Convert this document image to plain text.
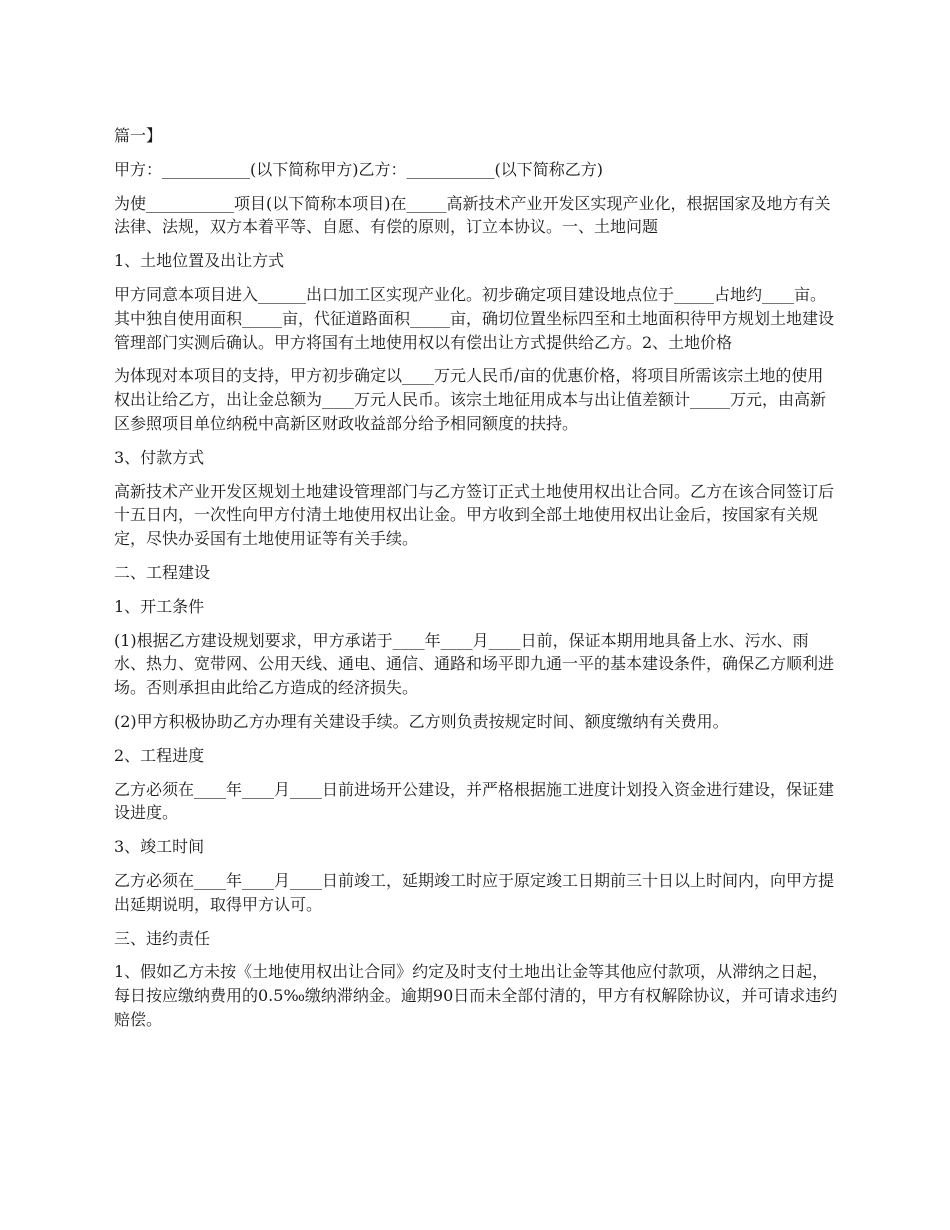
篇一】

甲方：___________(以下简称甲方)乙方：___________(以下简称乙方)

为使___________项目(以下简称本项目)在_____高新技术产业开发区实现产业化，根据国家及地方有关法律、法规，双方本着平等、自愿、有偿的原则，订立本协议。一、土地问题

1、土地位置及出让方式

甲方同意本项目进入______出口加工区实现产业化。初步确定项目建设地点位于_____占地约____亩。其中独自使用面积_____亩，代征道路面积_____亩，确切位置坐标四至和土地面积待甲方规划土地建设管理部门实测后确认。甲方将国有土地使用权以有偿出让方式提供给乙方。2、土地价格

为体现对本项目的支持，甲方初步确定以____万元人民币/亩的优惠价格，将项目所需该宗土地的使用权出让给乙方，出让金总额为____万元人民币。该宗土地征用成本与出让值差额计_____万元，由高新区参照项目单位纳税中高新区财政收益部分给予相同额度的扶持。

3、付款方式

高新技术产业开发区规划土地建设管理部门与乙方签订正式土地使用权出让合同。乙方在该合同签订后十五日内，一次性向甲方付清土地使用权出让金。甲方收到全部土地使用权出让金后，按国家有关规定，尽快办妥国有土地使用证等有关手续。

二、工程建设

1、开工条件

(1)根据乙方建设规划要求，甲方承诺于____年____月____日前，保证本期用地具备上水、污水、雨水、热力、宽带网、公用天线、通电、通信、通路和场平即九通一平的基本建设条件，确保乙方顺利进场。否则承担由此给乙方造成的经济损失。

(2)甲方积极协助乙方办理有关建设手续。乙方则负责按规定时间、额度缴纳有关费用。

2、工程进度

乙方必须在____年____月____日前进场开公建设，并严格根据施工进度计划投入资金进行建设，保证建设进度。

3、竣工时间

乙方必须在____年____月____日前竣工，延期竣工时应于原定竣工日期前三十日以上时间内，向甲方提出延期说明，取得甲方认可。

三、违约责任

1、假如乙方未按《土地使用权出让合同》约定及时支付土地出让金等其他应付款项，从滞纳之日起，每日按应缴纳费用的0.5‰缴纳滞纳金。逾期90日而未全部付清的，甲方有权解除协议，并可请求违约赔偿。
